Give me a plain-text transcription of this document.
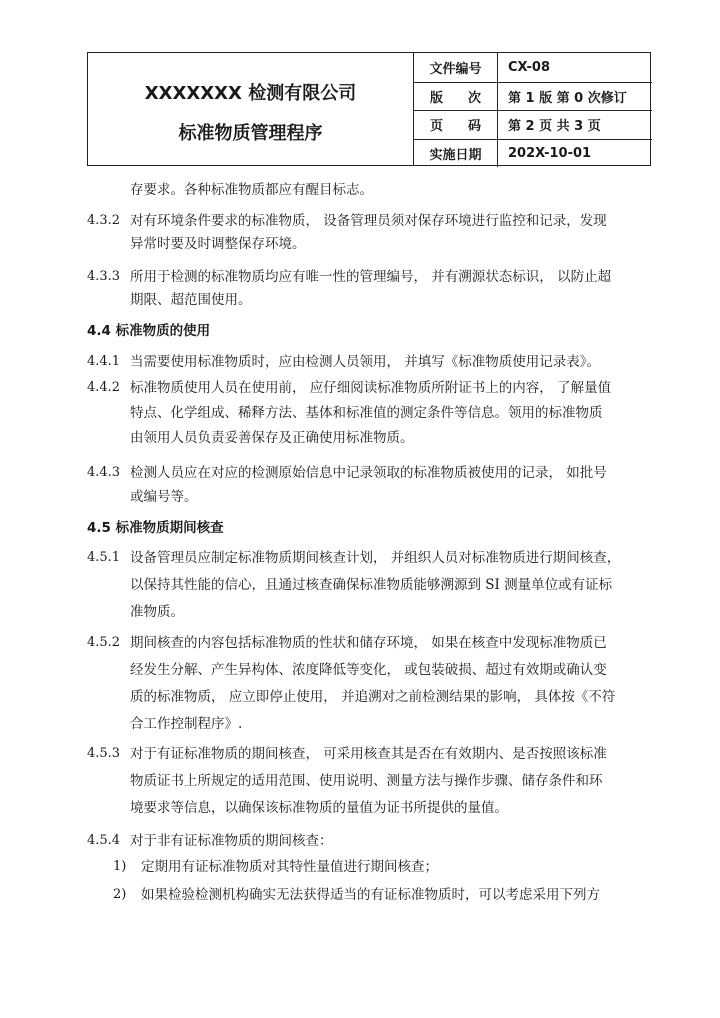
XXXXXXX 检测有限公司
标准物质管理程序
文件编号	CX-08
版 次 第 1 版 第 0 次修订
页 码 第 2 页 共 3 页
实施日期	202X-10-01
存要求。各种标准物质都应有醒目标志。
4.3.2 对有环境条件要求的标准物质， 设备管理员须对保存环境进行监控和记录，发现
异常时要及时调整保存环境。
4.3.3 所用于检测的标准物质均应有唯一性的管理编号， 并有溯源状态标识， 以防止超
期限、超范围使用。
4.4 标准物质的使用
4.4.1 当需要使用标准物质时，应由检测人员领用， 并填写《标准物质使用记录表》。
4.4.2 标准物质使用人员在使用前， 应仔细阅读标准物质所附证书上的内容， 了解量值
特点、化学组成、稀释方法、基体和标准值的测定条件等信息。领用的标准物质
由领用人员负责妥善保存及正确使用标准物质。
4.4.3 检测人员应在对应的检测原始信息中记录领取的标准物质被使用的记录， 如批号
或编号等。
4.5 标准物质期间核查
4.5.1 设备管理员应制定标准物质期间核查计划， 并组织人员对标准物质进行期间核查，
以保持其性能的信心，且通过核查确保标准物质能够溯源到 SI 测量单位或有证标
准物质。
4.5.2 期间核查的内容包括标准物质的性状和储存环境， 如果在核查中发现标准物质已
经发生分解、产生异构体、浓度降低等变化， 或包装破损、超过有效期或确认变
质的标准物质， 应立即停止使用， 并追溯对之前检测结果的影响， 具体按《不符
合工作控制程序》.
4.5.3 对于有证标准物质的期间核查， 可采用核查其是否在有效期内、是否按照该标准
物质证书上所规定的适用范围、使用说明、测量方法与操作步骤、储存条件和环
境要求等信息，以确保该标准物质的量值为证书所提供的量值。
4.5.4 对于非有证标准物质的期间核查：
1) 定期用有证标准物质对其特性量值进行期间核查；
2) 如果检验检测机构确实无法获得适当的有证标准物质时，可以考虑采用下列方
